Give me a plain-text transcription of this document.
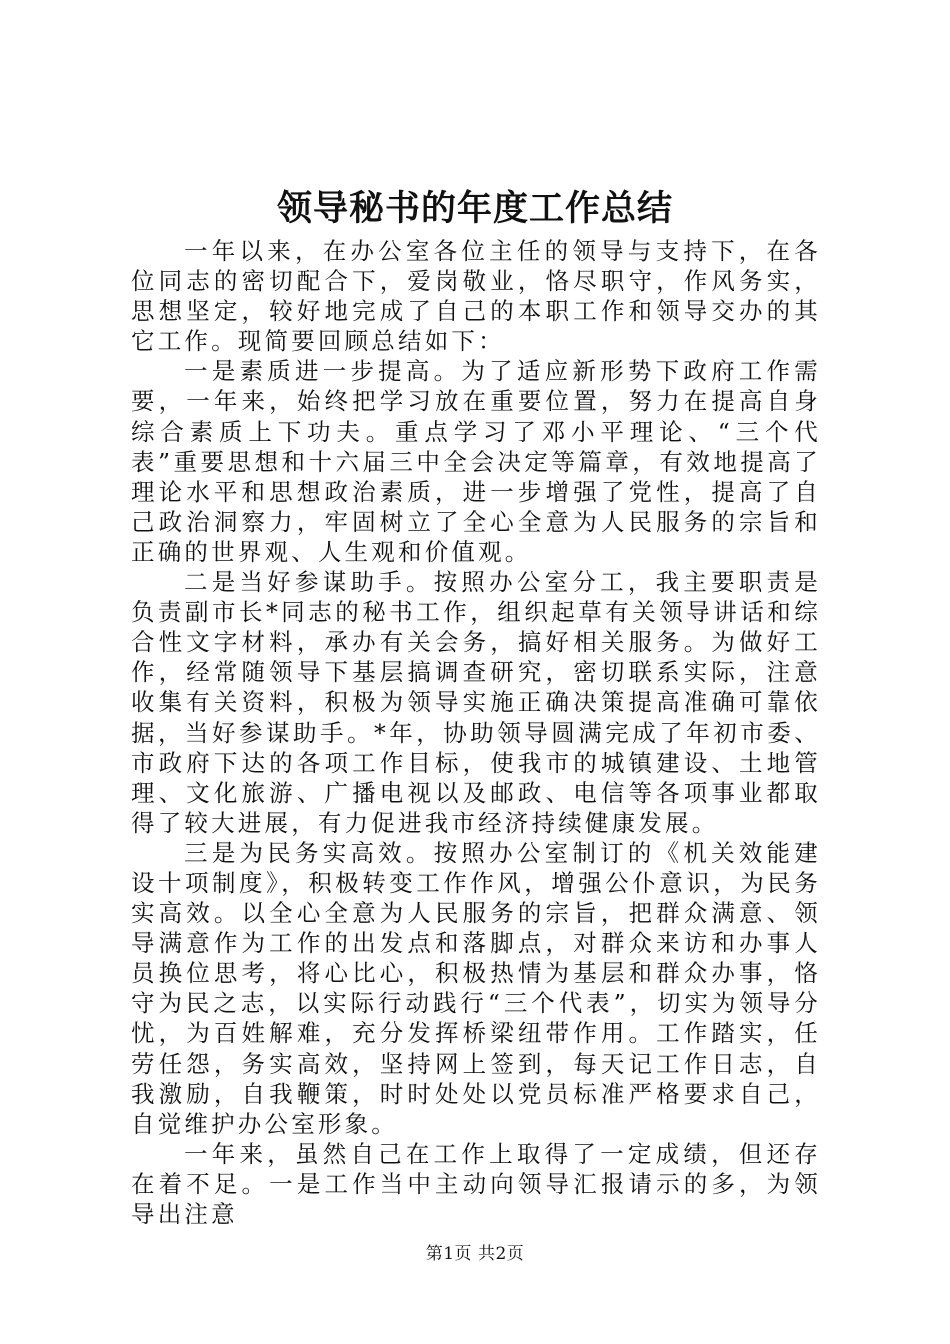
领导秘书的年度工作总结

一年以来，在办公室各位主任的领导与支持下，在各位同志的密切配合下，爱岗敬业，恪尽职守，作风务实，思想坚定，较好地完成了自己的本职工作和领导交办的其它工作。现简要回顾总结如下：

一是素质进一步提高。为了适应新形势下政府工作需要，一年来，始终把学习放在重要位置，努力在提高自身综合素质上下功夫。重点学习了邓小平理论、“三个代表”重要思想和十六届三中全会决定等篇章，有效地提高了理论水平和思想政治素质，进一步增强了党性，提高了自己政治洞察力，牢固树立了全心全意为人民服务的宗旨和正确的世界观、人生观和价值观。

二是当好参谋助手。按照办公室分工，我主要职责是负责副市长*同志的秘书工作，组织起草有关领导讲话和综合性文字材料，承办有关会务，搞好相关服务。为做好工作，经常随领导下基层搞调查研究，密切联系实际，注意收集有关资料，积极为领导实施正确决策提高准确可靠依据，当好参谋助手。*年，协助领导圆满完成了年初市委、市政府下达的各项工作目标，使我市的城镇建设、土地管理、文化旅游、广播电视以及邮政、电信等各项事业都取得了较大进展，有力促进我市经济持续健康发展。

三是为民务实高效。按照办公室制订的《机关效能建设十项制度》，积极转变工作作风，增强公仆意识，为民务实高效。以全心全意为人民服务的宗旨，把群众满意、领导满意作为工作的出发点和落脚点，对群众来访和办事人员换位思考，将心比心，积极热情为基层和群众办事，恪守为民之志，以实际行动践行“三个代表”，切实为领导分忧，为百姓解难，充分发挥桥梁纽带作用。工作踏实，任劳任怨，务实高效，坚持网上签到，每天记工作日志，自我激励，自我鞭策，时时处处以党员标准严格要求自己，自觉维护办公室形象。

一年来，虽然自己在工作上取得了一定成绩，但还存在着不足。一是工作当中主动向领导汇报请示的多，为领导出注意

第1页 共2页
